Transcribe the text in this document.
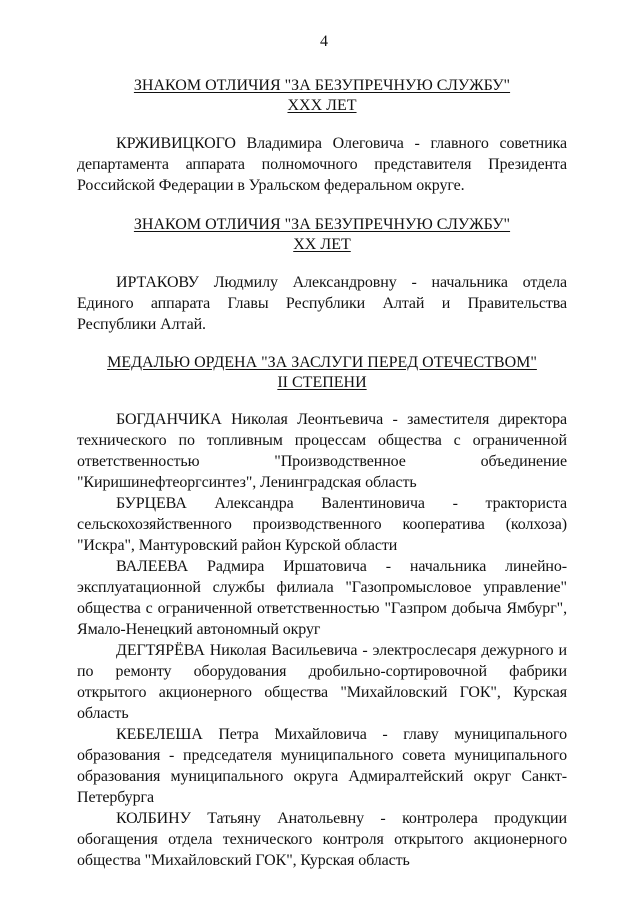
4
ЗНАКОМ ОТЛИЧИЯ "ЗА БЕЗУПРЕЧНУЮ СЛУЖБУ"
XXX ЛЕТ
КРЖИВИЦКОГО Владимира Олеговича - главного советника департамента аппарата полномочного представителя Президента Российской Федерации в Уральском федеральном округе.
ЗНАКОМ ОТЛИЧИЯ "ЗА БЕЗУПРЕЧНУЮ СЛУЖБУ"
XX ЛЕТ
ИРТАКОВУ Людмилу Александровну - начальника отдела Единого аппарата Главы Республики Алтай и Правительства Республики Алтай.
МЕДАЛЬЮ ОРДЕНА "ЗА ЗАСЛУГИ ПЕРЕД ОТЕЧЕСТВОМ"
II СТЕПЕНИ
БОГДАНЧИКА Николая Леонтьевича - заместителя директора технического по топливным процессам общества с ограниченной ответственностью "Производственное объединение "Киришинефтеоргсинтез", Ленинградская область
БУРЦЕВА Александра Валентиновича - тракториста сельскохозяйственного производственного кооператива (колхоза) "Искра", Мантуровский район Курской области
ВАЛЕЕВА Радмира Иршатовича - начальника линейно-эксплуатационной службы филиала "Газопромысловое управление" общества с ограниченной ответственностью "Газпром добыча Ямбург", Ямало-Ненецкий автономный округ
ДЕГТЯРЁВА Николая Васильевича - электрослесаря дежурного и по ремонту оборудования дробильно-сортировочной фабрики открытого акционерного общества "Михайловский ГОК", Курская область
КЕБЕЛЕША Петра Михайловича - главу муниципального образования - председателя муниципального совета муниципального образования муниципального округа Адмиралтейский округ Санкт-Петербурга
КОЛБИНУ Татьяну Анатольевну - контролера продукции обогащения отдела технического контроля открытого акционерного общества "Михайловский ГОК", Курская область
